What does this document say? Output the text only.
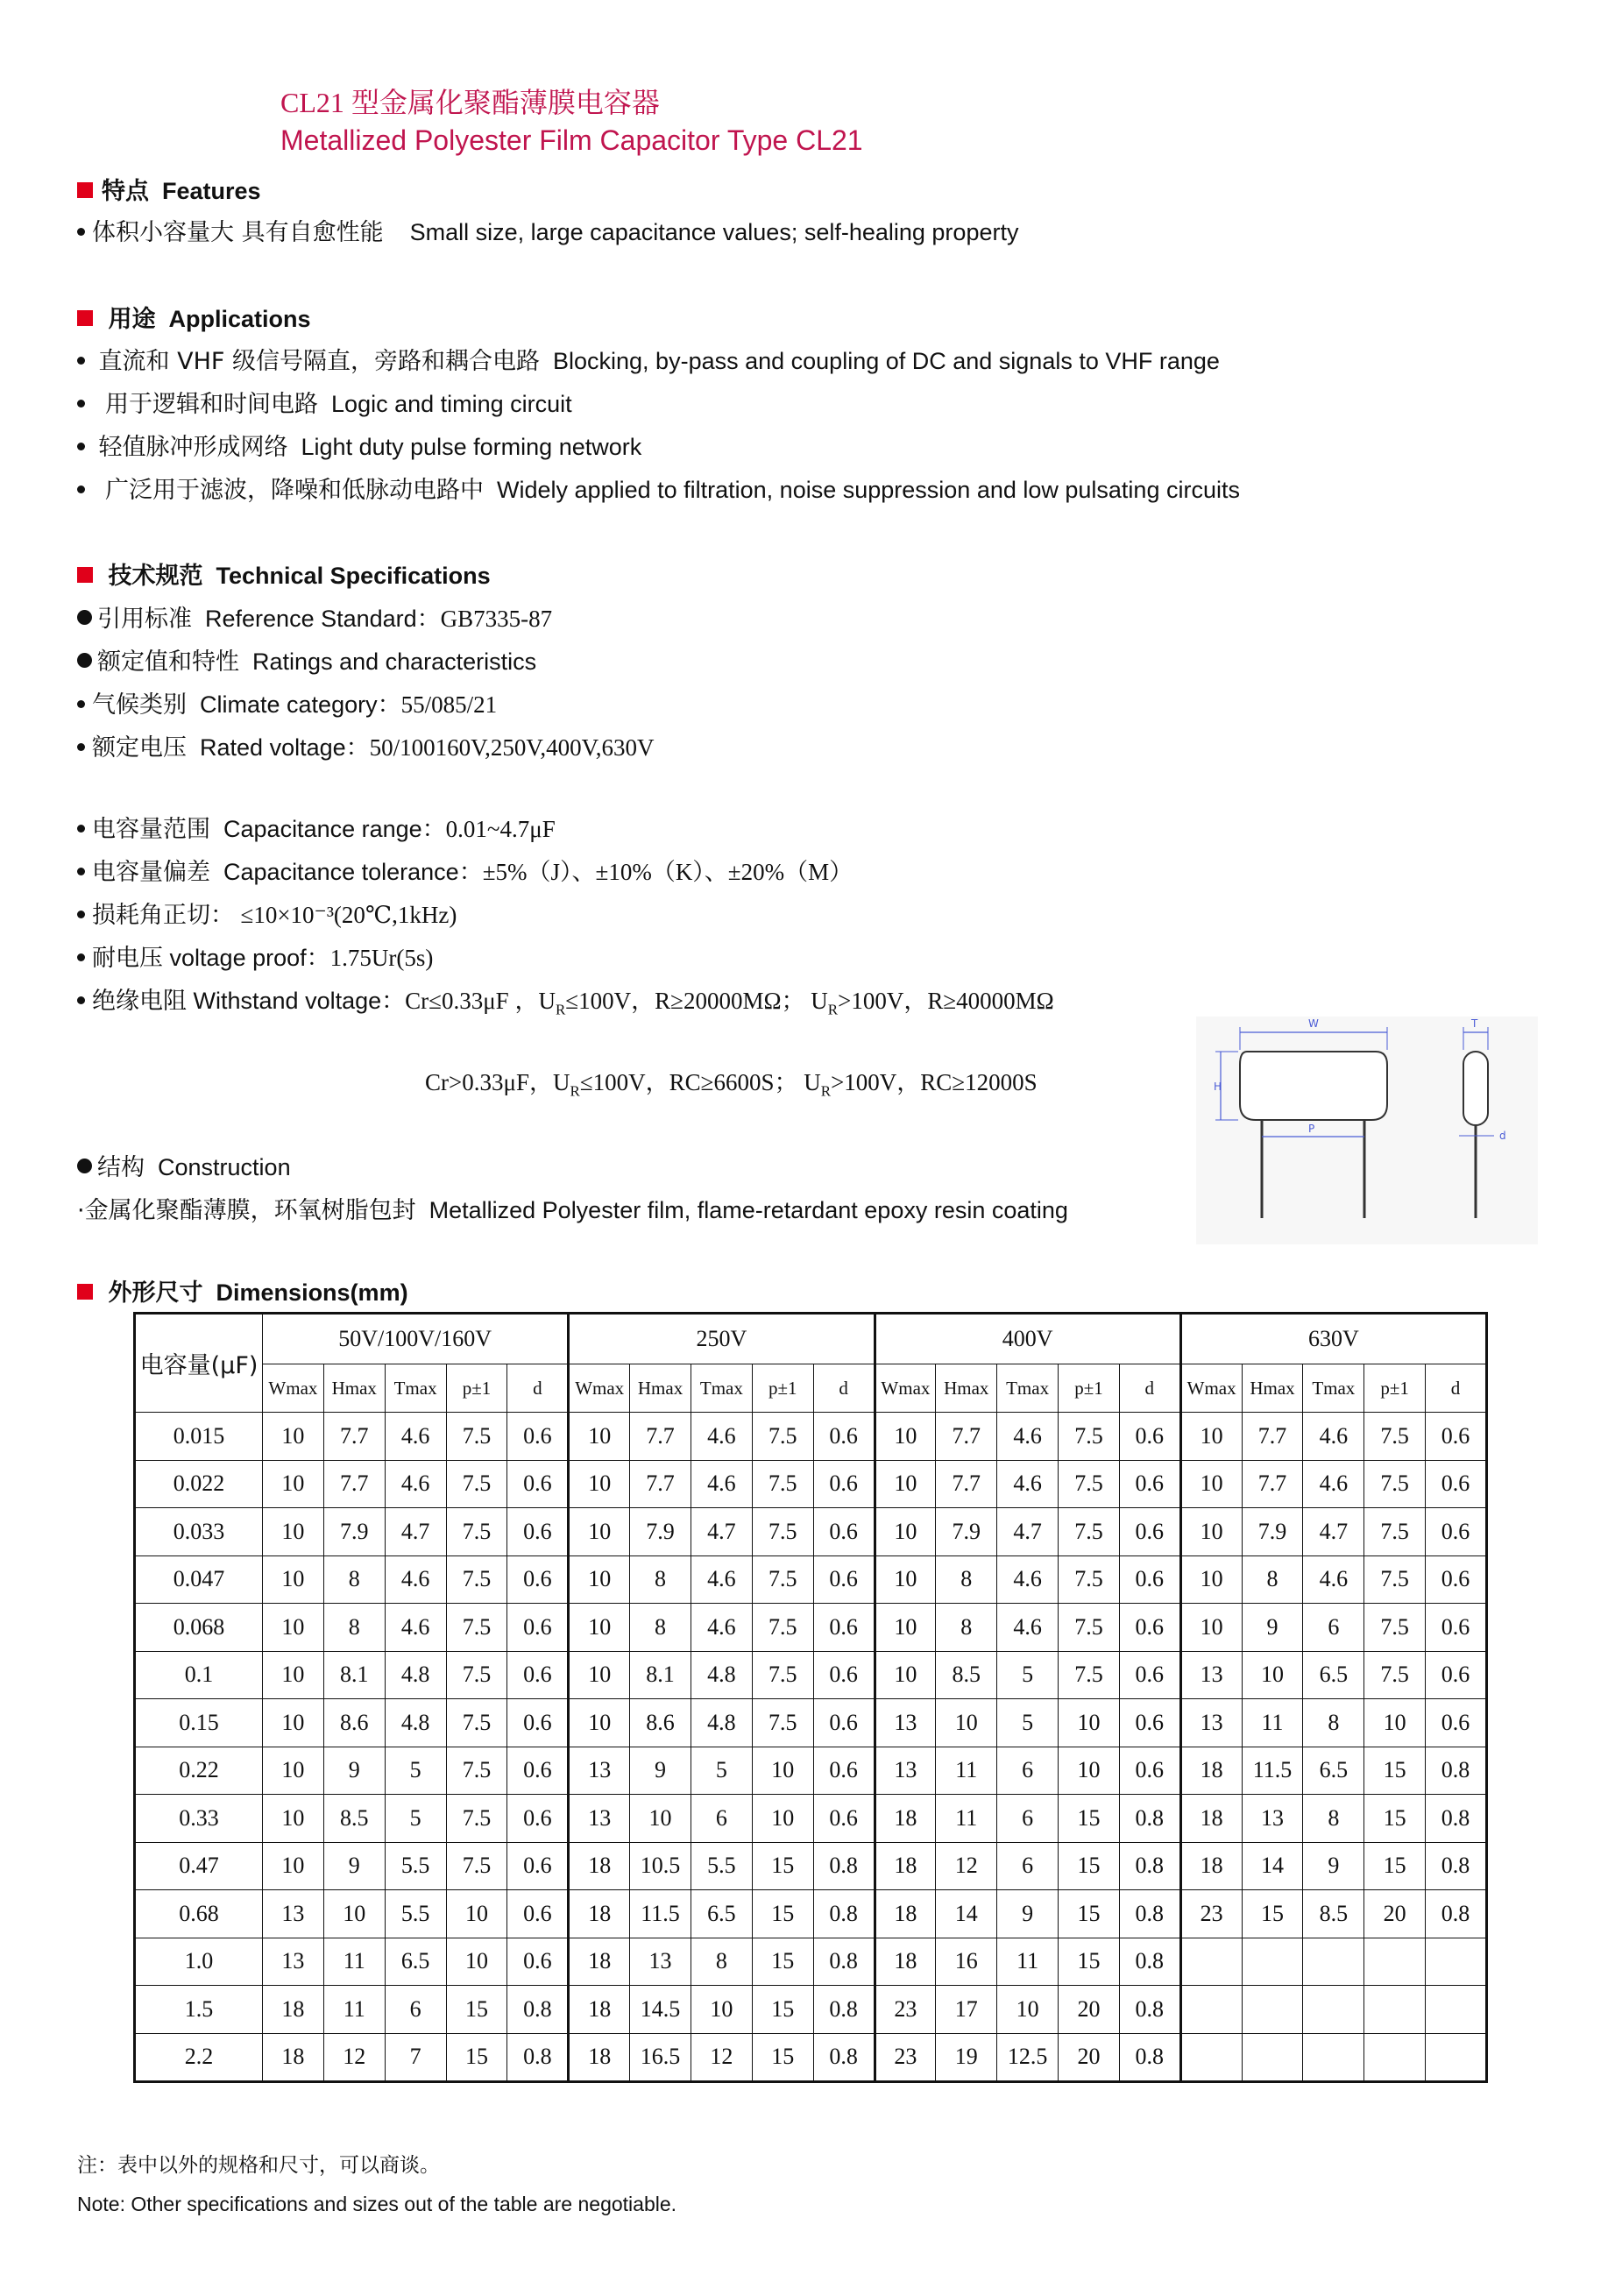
CL21 型金属化聚酯薄膜电容器
Metallized Polyester Film Capacitor Type CL21
特点 Features
体积小容量大 具有自愈性能 Small size, large capacitance values; self-healing property
用途 Applications
直流和 VHF 级信号隔直，旁路和耦合电路 Blocking, by-pass and coupling of DC and signals to VHF range
用于逻辑和时间电路 Logic and timing circuit
轻值脉冲形成网络 Light duty pulse forming network
广泛用于滤波，降噪和低脉动电路中 Widely applied to filtration, noise suppression and low pulsating circuits
技术规范 Technical Specifications
引用标准 Reference Standard：GB7335-87
额定值和特性 Ratings and characteristics
气候类别 Climate category：55/085/21
额定电压 Rated voltage：50/100160V,250V,400V,630V
电容量范围 Capacitance range：0.01~4.7μF
电容量偏差 Capacitance tolerance：±5%（J）、±10%（K）、±20%（M）
损耗角正切： ≤10×10⁻³(20℃,1kHz)
耐电压 voltage proof：1.75Ur(5s)
绝缘电阻 Withstand voltage：Cr≤0.33μF ，$U_R\le 100V$，R≥20000MΩ； $U_R>100V$，R≥40000MΩ
Cr>0.33μF，$U_R\le 100V$，RC≥6600S； $U_R>100V$，RC≥12000S
结构 Construction
·金属化聚酯薄膜，环氧树脂包封 Metallized Polyester film, flame-retardant epoxy resin coating
W
H
P
T
d
外形尺寸 Dimensions(mm)
电容量(μF)	50V/100V/160V					250V					400V					630V				
	Wmax	Hmax	Tmax	p±1	d	Wmax	Hmax	Tmax	p±1	d	Wmax	Hmax	Tmax	p±1	d	Wmax	Hmax	Tmax	p±1	d
0.015	10	7.7	4.6	7.5	0.6	10	7.7	4.6	7.5	0.6	10	7.7	4.6	7.5	0.6	10	7.7	4.6	7.5	0.6
0.022	10	7.7	4.6	7.5	0.6	10	7.7	4.6	7.5	0.6	10	7.7	4.6	7.5	0.6	10	7.7	4.6	7.5	0.6
0.033	10	7.9	4.7	7.5	0.6	10	7.9	4.7	7.5	0.6	10	7.9	4.7	7.5	0.6	10	7.9	4.7	7.5	0.6
0.047	10	8	4.6	7.5	0.6	10	8	4.6	7.5	0.6	10	8	4.6	7.5	0.6	10	8	4.6	7.5	0.6
0.068	10	8	4.6	7.5	0.6	10	8	4.6	7.5	0.6	10	8	4.6	7.5	0.6	10	9	6	7.5	0.6
0.1	10	8.1	4.8	7.5	0.6	10	8.1	4.8	7.5	0.6	10	8.5	5	7.5	0.6	13	10	6.5	7.5	0.6
0.15	10	8.6	4.8	7.5	0.6	10	8.6	4.8	7.5	0.6	13	10	5	10	0.6	13	11	8	10	0.6
0.22	10	9	5	7.5	0.6	13	9	5	10	0.6	13	11	6	10	0.6	18	11.5	6.5	15	0.8
0.33	10	8.5	5	7.5	0.6	13	10	6	10	0.6	18	11	6	15	0.8	18	13	8	15	0.8
0.47	10	9	5.5	7.5	0.6	18	10.5	5.5	15	0.8	18	12	6	15	0.8	18	14	9	15	0.8
0.68	13	10	5.5	10	0.6	18	11.5	6.5	15	0.8	18	14	9	15	0.8	23	15	8.5	20	0.8
1.0	13	11	6.5	10	0.6	18	13	8	15	0.8	18	16	11	15	0.8					
1.5	18	11	6	15	0.8	18	14.5	10	15	0.8	23	17	10	20	0.8					
2.2	18	12	7	15	0.8	18	16.5	12	15	0.8	23	19	12.5	20	0.8					
注：表中以外的规格和尺寸，可以商谈。
Note: Other specifications and sizes out of the table are negotiable.
